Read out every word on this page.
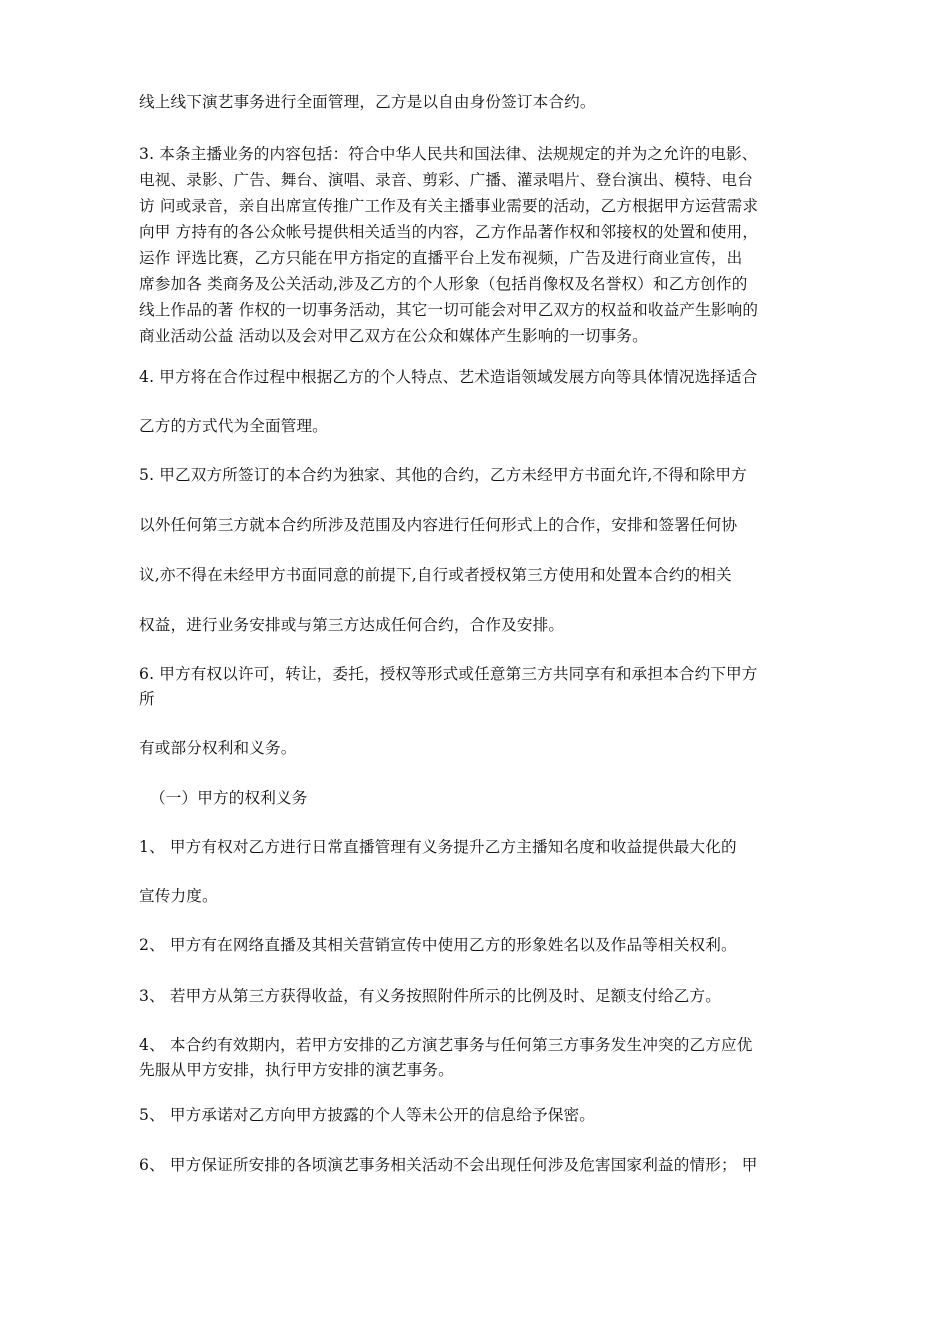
线上线下演艺事务进行全面管理，乙方是以自由身份签订本合约。
3. 本条主播业务的内容包括：符合中华人民共和国法律、法规规定的并为之允许的电影、
电视、录影、广告、舞台、演唱、录音、剪彩、广播、灌录唱片、登台演出、模特、电台
访 问或录音，亲自出席宣传推广工作及有关主播事业需要的活动，乙方根据甲方运营需求
向甲 方持有的各公众帐号提供相关适当的内容，乙方作品著作权和邻接权的处置和使用，
运作 评选比赛，乙方只能在甲方指定的直播平台上发布视频，广告及进行商业宣传，出
席参加各 类商务及公关活动,涉及乙方的个人形象（包括肖像权及名誉权）和乙方创作的
线上作品的著 作权的一切事务活动，其它一切可能会对甲乙双方的权益和收益产生影响的
商业活动公益 活动以及会对甲乙双方在公众和媒体产生影响的一切事务。
4. 甲方将在合作过程中根据乙方的个人特点、艺术造诣领域发展方向等具体情况选择适合
乙方的方式代为全面管理。
5. 甲乙双方所签订的本合约为独家、其他的合约，乙方未经甲方书面允许,不得和除甲方
以外任何第三方就本合约所涉及范围及内容进行任何形式上的合作，安排和签署任何协
议,亦不得在未经甲方书面同意的前提下,自行或者授权第三方使用和处置本合约的相关
权益，进行业务安排或与第三方达成任何合约，合作及安排。
6. 甲方有权以许可，转让，委托，授权等形式或任意第三方共同享有和承担本合约下甲方
所
有或部分权利和义务。
（一）甲方的权利义务
1、 甲方有权对乙方进行日常直播管理有义务提升乙方主播知名度和收益提供最大化的
宣传力度。
2、 甲方有在网络直播及其相关营销宣传中使用乙方的形象姓名以及作品等相关权利。
3、 若甲方从第三方获得收益，有义务按照附件所示的比例及时、足额支付给乙方。
4、 本合约有效期内，若甲方安排的乙方演艺事务与任何第三方事务发生冲突的乙方应优
先服从甲方安排，执行甲方安排的演艺事务。
5、 甲方承诺对乙方向甲方披露的个人等未公开的信息给予保密。
6、 甲方保证所安排的各顷演艺事务相关活动不会出现任何涉及危害国家利益的情形； 甲
